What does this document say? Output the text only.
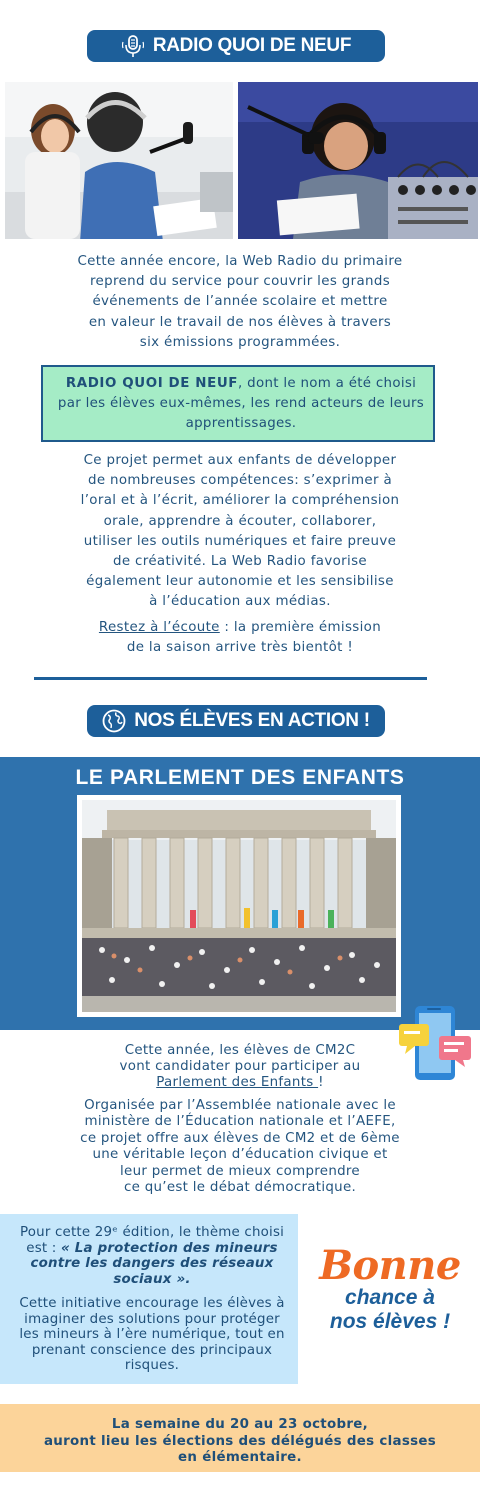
RADIO QUOI DE NEUF
Cette année encore, la Web Radio du primaire
reprend du service pour couvrir les grands
événements de l’année scolaire et mettre
en valeur le travail de nos élèves à travers
six émissions programmées.
RADIO QUOI DE NEUF, dont le nom a été choisi par les élèves eux-mêmes, les rend acteurs de leurs apprentissages.
Ce projet permet aux enfants de développer
de nombreuses compétences: s’exprimer à
l’oral et à l’écrit, améliorer la compréhension
orale, apprendre à écouter, collaborer,
utiliser les outils numériques et faire preuve
de créativité. La Web Radio favorise
également leur autonomie et les sensibilise
à l’éducation aux médias.
Restez à l’écoute : la première émission
de la saison arrive très bientôt !
NOS ÉLÈVES EN ACTION !
LE PARLEMENT DES ENFANTS
Cette année, les élèves de CM2C
vont candidater pour participer au
Parlement des Enfants !
Organisée par l’Assemblée nationale avec le
ministère de l’Éducation nationale et l’AEFE,
ce projet offre aux élèves de CM2 et de 6ème
une véritable leçon d’éducation civique et
leur permet de mieux comprendre
ce qu’est le débat démocratique.
Pour cette 29ᵉ édition, le thème choisi est : « La protection des mineurs contre les dangers des réseaux sociaux ».
Cette initiative encourage les élèves à imaginer des solutions pour protéger les mineurs à l’ère numérique, tout en prenant conscience des principaux risques.
Bonne
chance à
nos élèves !
La semaine du 20 au 23 octobre,
auront lieu les élections des délégués des classes
en élémentaire.
